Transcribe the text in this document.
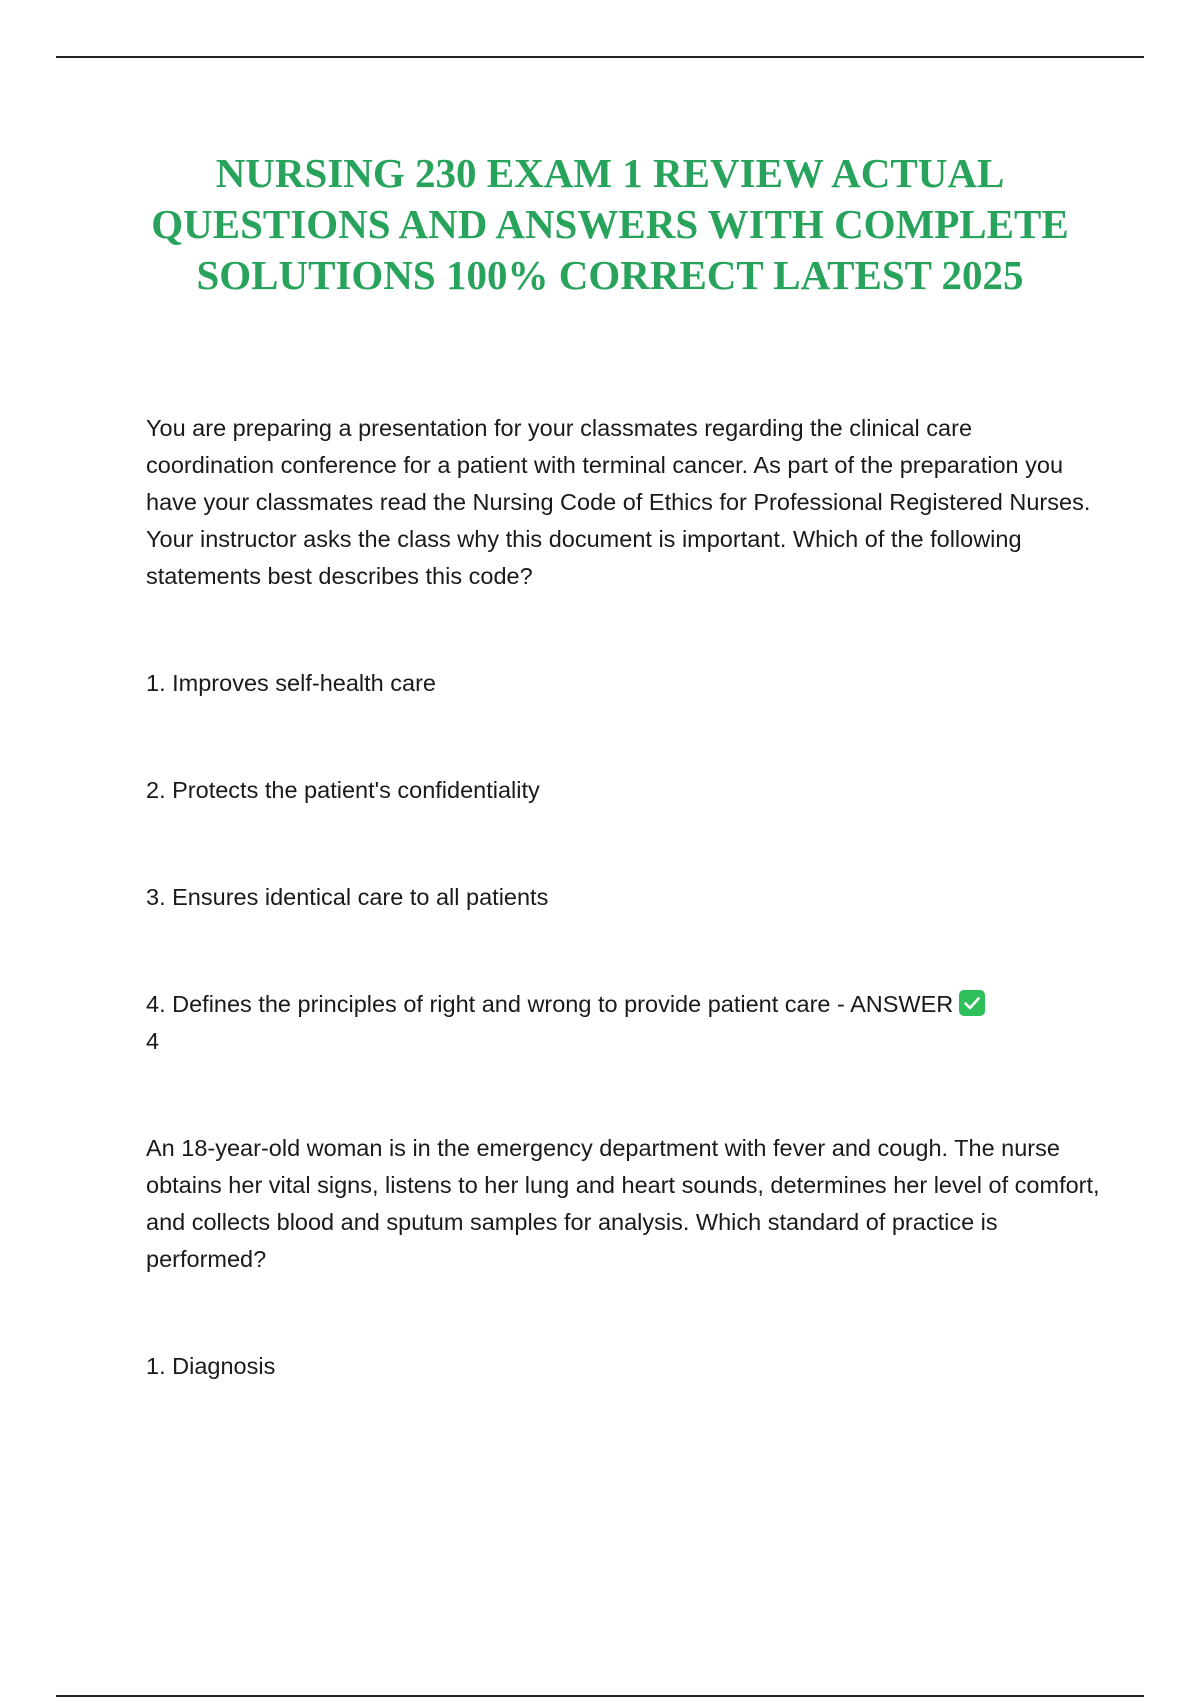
NURSING 230 EXAM 1 REVIEW ACTUAL QUESTIONS AND ANSWERS WITH COMPLETE SOLUTIONS 100% CORRECT LATEST 2025

You are preparing a presentation for your classmates regarding the clinical care coordination conference for a patient with terminal cancer. As part of the preparation you have your classmates read the Nursing Code of Ethics for Professional Registered Nurses. Your instructor asks the class why this document is important. Which of the following statements best describes this code?

1. Improves self-health care

2. Protects the patient's confidentiality

3. Ensures identical care to all patients

4. Defines the principles of right and wrong to provide patient care - ANSWER
4

An 18-year-old woman is in the emergency department with fever and cough. The nurse obtains her vital signs, listens to her lung and heart sounds, determines her level of comfort, and collects blood and sputum samples for analysis. Which standard of practice is performed?

1. Diagnosis
